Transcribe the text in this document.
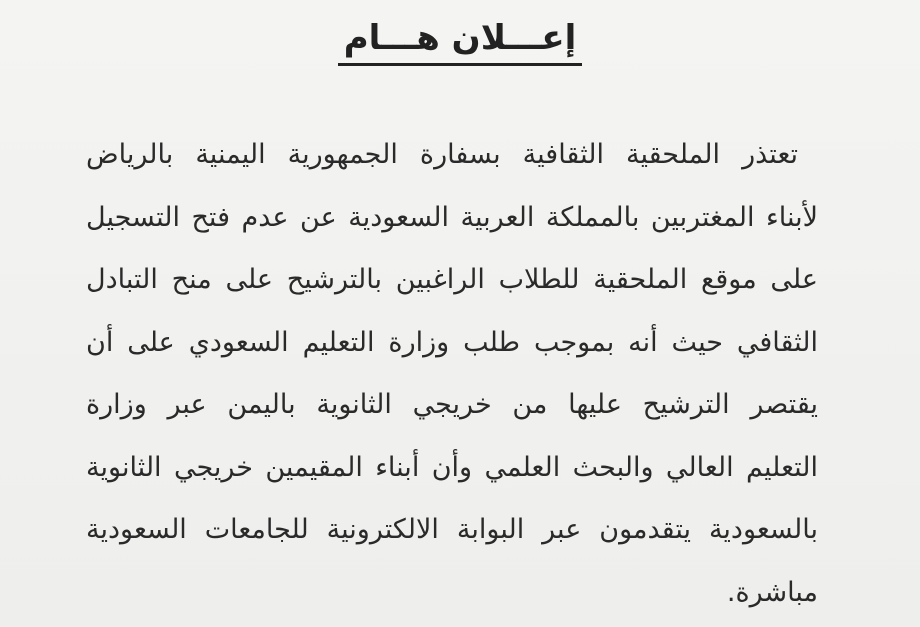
إعـــلان هـــام
تعتذر الملحقية الثقافية بسفارة الجمهورية اليمنية بالرياض
لأبناء المغتربين بالمملكة العربية السعودية عن عدم فتح التسجيل
على موقع الملحقية للطلاب الراغبين بالترشيح على منح التبادل
الثقافي حيث أنه بموجب طلب وزارة التعليم السعودي على أن
يقتصر الترشيح عليها من خريجي الثانوية باليمن عبر وزارة
التعليم العالي والبحث العلمي وأن أبناء المقيمين خريجي الثانوية
بالسعودية يتقدمون عبر البوابة الالكترونية للجامعات السعودية
مباشرة.
